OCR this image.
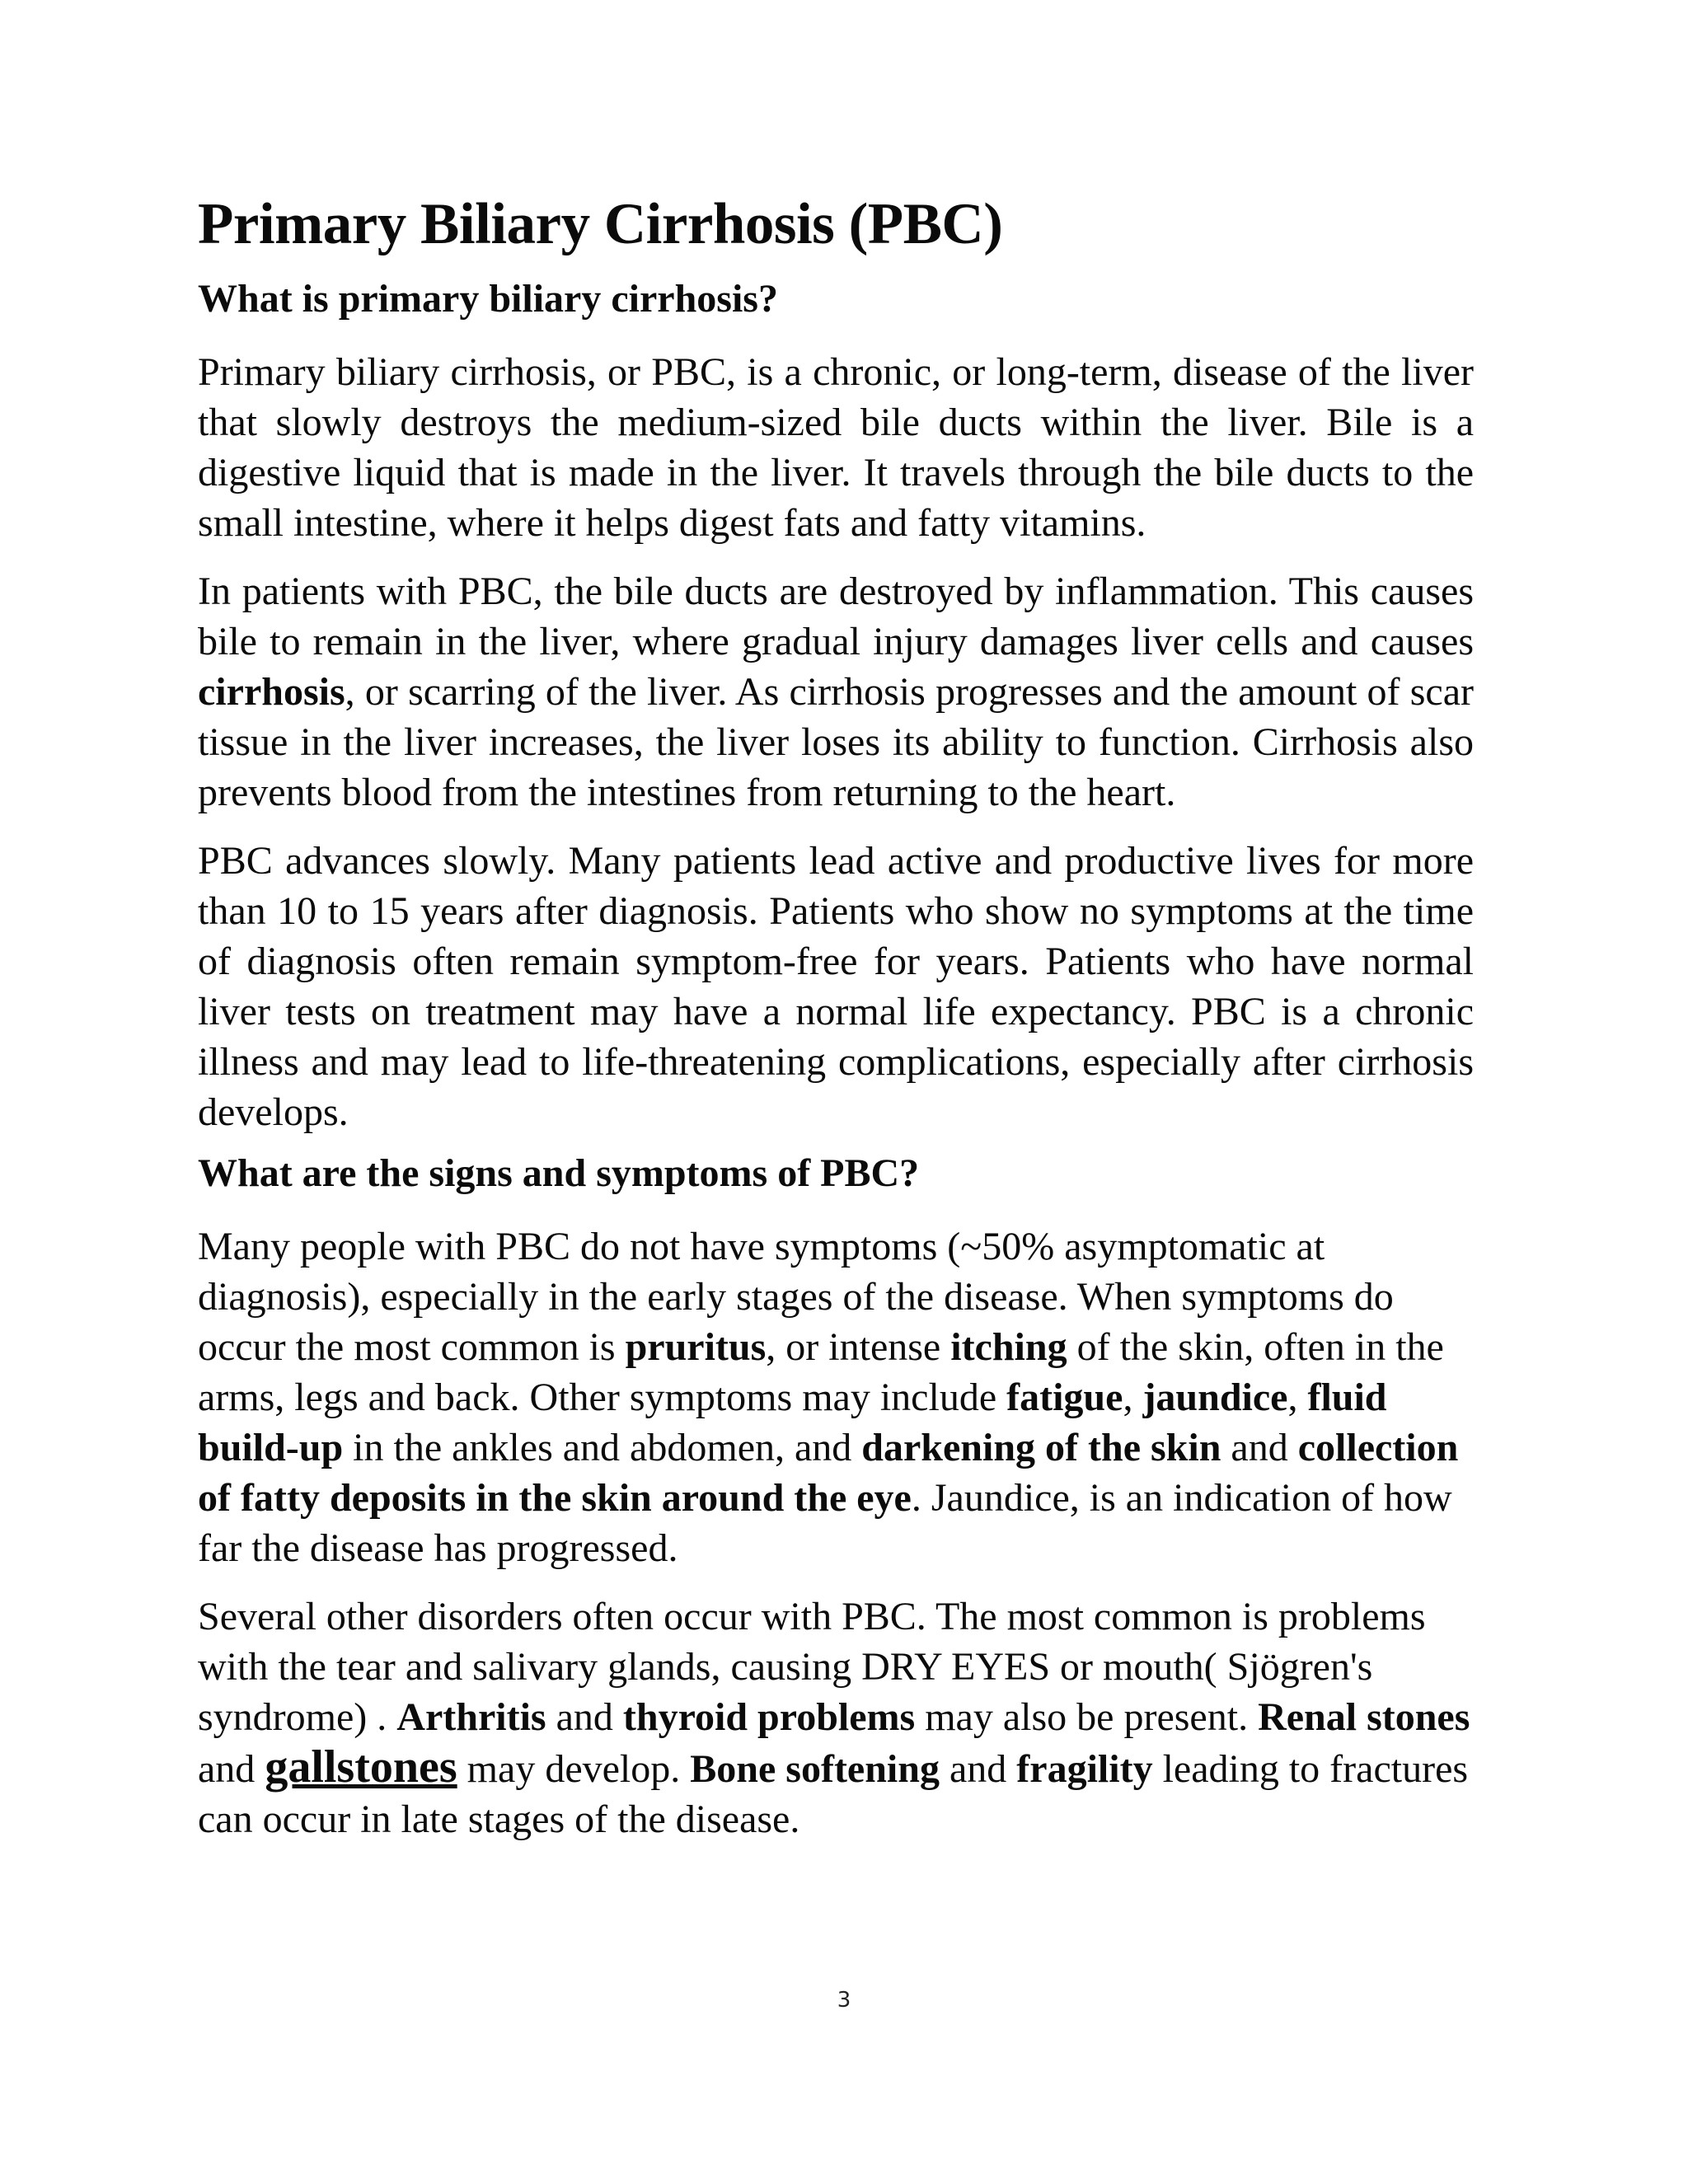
Primary Biliary Cirrhosis (PBC)
What is primary biliary cirrhosis?

Primary biliary cirrhosis, or PBC, is a chronic, or long-term, disease of the liver that slowly destroys the medium-sized bile ducts within the liver. Bile is a digestive liquid that is made in the liver. It travels through the bile ducts to the small intestine, where it helps digest fats and fatty vitamins.

In patients with PBC, the bile ducts are destroyed by inflammation. This causes bile to remain in the liver, where gradual injury damages liver cells and causes cirrhosis, or scarring of the liver. As cirrhosis progresses and the amount of scar tissue in the liver increases, the liver loses its ability to function. Cirrhosis also prevents blood from the intestines from returning to the heart.

PBC advances slowly. Many patients lead active and productive lives for more than 10 to 15 years after diagnosis. Patients who show no symptoms at the time of diagnosis often remain symptom-free for years. Patients who have normal liver tests on treatment may have a normal life expectancy. PBC is a chronic illness and may lead to life-threatening complications, especially after cirrhosis develops.

What are the signs and symptoms of PBC?

Many people with PBC do not have symptoms (~50% asymptomatic at diagnosis), especially in the early stages of the disease. When symptoms do occur the most common is pruritus, or intense itching of the skin, often in the arms, legs and back. Other symptoms may include fatigue, jaundice, fluid build-up in the ankles and abdomen, and darkening of the skin and collection of fatty deposits in the skin around the eye. Jaundice, is an indication of how far the disease has progressed.

Several other disorders often occur with PBC. The most common is problems with the tear and salivary glands, causing DRY EYES or mouth( Sjögren's syndrome) . Arthritis and thyroid problems may also be present. Renal stones and gallstones may develop. Bone softening and fragility leading to fractures can occur in late stages of the disease.

3
